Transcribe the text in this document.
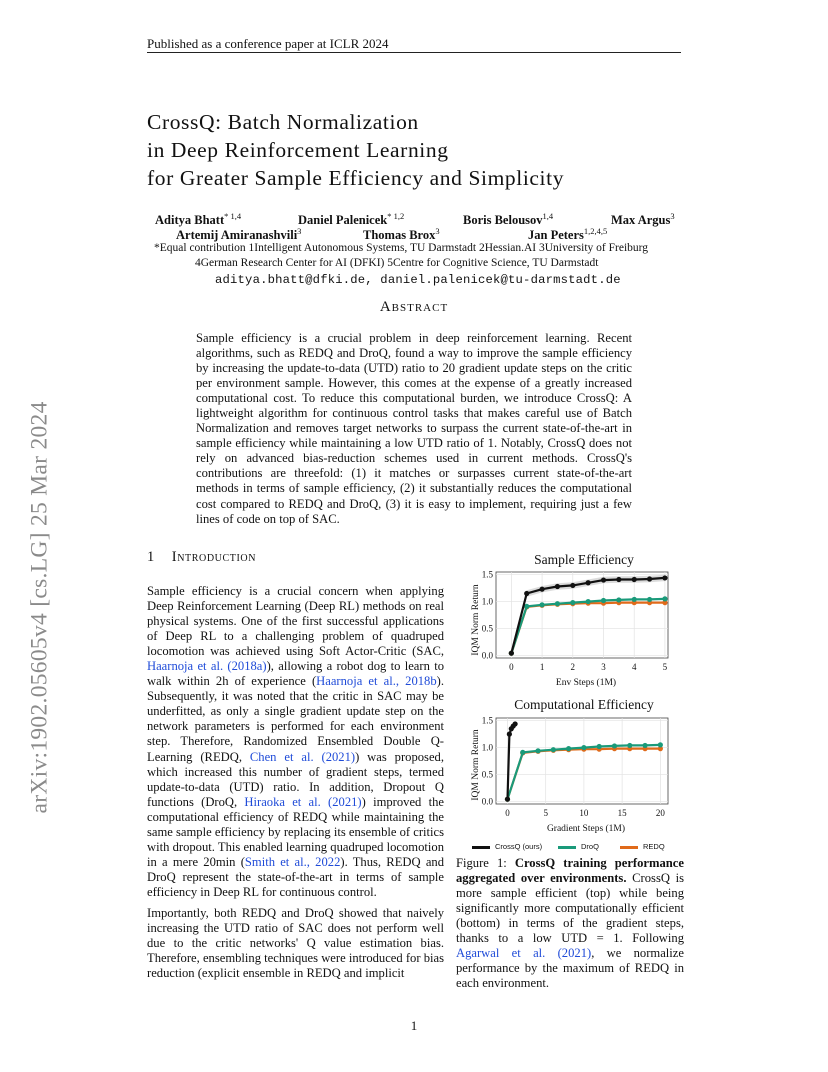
arXiv:1902.05605v4 [cs.LG] 25 Mar 2024
Published as a conference paper at ICLR 2024
CrossQ: Batch Normalization
in Deep Reinforcement Learning
for Greater Sample Efficiency and Simplicity
Aditya Bhatt$^{* 1,4}$	Daniel Palenicek$^{* 1,2}$	Boris Belousov$^{1,4}$	Max Argus$^3$
Artemij Amiranashvili$^3$	Thomas Brox$^3$	Jan Peters$^{1,2,4,5}$
*Equal contribution 1Intelligent Autonomous Systems, TU Darmstadt 2Hessian.AI 3University of Freiburg
4German Research Center for AI (DFKI) 5Centre for Cognitive Science, TU Darmstadt
aditya.bhatt@dfki.de, daniel.palenicek@tu-darmstadt.de
Abstract
Sample efficiency is a crucial problem in deep reinforcement learning. Recent algorithms, such as REDQ and DroQ, found a way to improve the sample efficiency by increasing the update-to-data (UTD) ratio to 20 gradient update steps on the critic per environment sample. However, this comes at the expense of a greatly increased computational cost. To reduce this computational burden, we introduce CrossQ: A lightweight algorithm for continuous control tasks that makes careful use of Batch Normalization and removes target networks to surpass the current state-of-the-art in sample efficiency while maintaining a low UTD ratio of 1. Notably, CrossQ does not rely on advanced bias-reduction schemes used in current methods. CrossQ's contributions are threefold: (1) it matches or surpasses current state-of-the-art methods in terms of sample efficiency, (2) it substantially reduces the computational cost compared to REDQ and DroQ, (3) it is easy to implement, requiring just a few lines of code on top of SAC.
1 Introduction

Sample efficiency is a crucial concern when applying Deep Reinforcement Learning (Deep RL) methods on real physical systems. One of the first successful applications of Deep RL to a challenging problem of quadruped locomotion was achieved using Soft Actor-Critic (SAC, Haarnoja et al. (2018a)), allowing a robot dog to learn to walk within 2h of experience (Haarnoja et al., 2018b). Subsequently, it was noted that the critic in SAC may be underfitted, as only a single gradient update step on the network parameters is performed for each environment step. Therefore, Randomized Ensembled Double Q-Learning (REDQ, Chen et al. (2021)) was proposed, which increased this number of gradient steps, termed update-to-data (UTD) ratio. In addition, Dropout Q functions (DroQ, Hiraoka et al. (2021)) improved the computational efficiency of REDQ while maintaining the same sample efficiency by replacing its ensemble of critics with dropout. This enabled learning quadruped locomotion in a mere 20min (Smith et al., 2022). Thus, REDQ and DroQ represent the state-of-the-art in terms of sample efficiency in Deep RL for continuous control.

Importantly, both REDQ and DroQ showed that naively increasing the UTD ratio of SAC does not perform well due to the critic networks' Q value estimation bias. Therefore, ensembling techniques were introduced for bias reduction (explicit ensemble in REDQ and implicit

Sample Efficiency
Computational Efficiency
Env Steps (1M)
Gradient Steps (1M)
IQM Norm Return
IQM Norm Return
0.0
0.5
1.0
1.5
0	1	2	3	4	5
0.0
0.5
1.0
1.5
0	5	10	15	20
CrossQ (ours)	DroQ	REDQ
Figure 1: CrossQ training performance aggregated over environments. CrossQ is more sample efficient (top) while being significantly more computationally efficient (bottom) in terms of the gradient steps, thanks to a low UTD = 1. Following Agarwal et al. (2021), we normalize performance by the maximum of REDQ in each environment.
1
